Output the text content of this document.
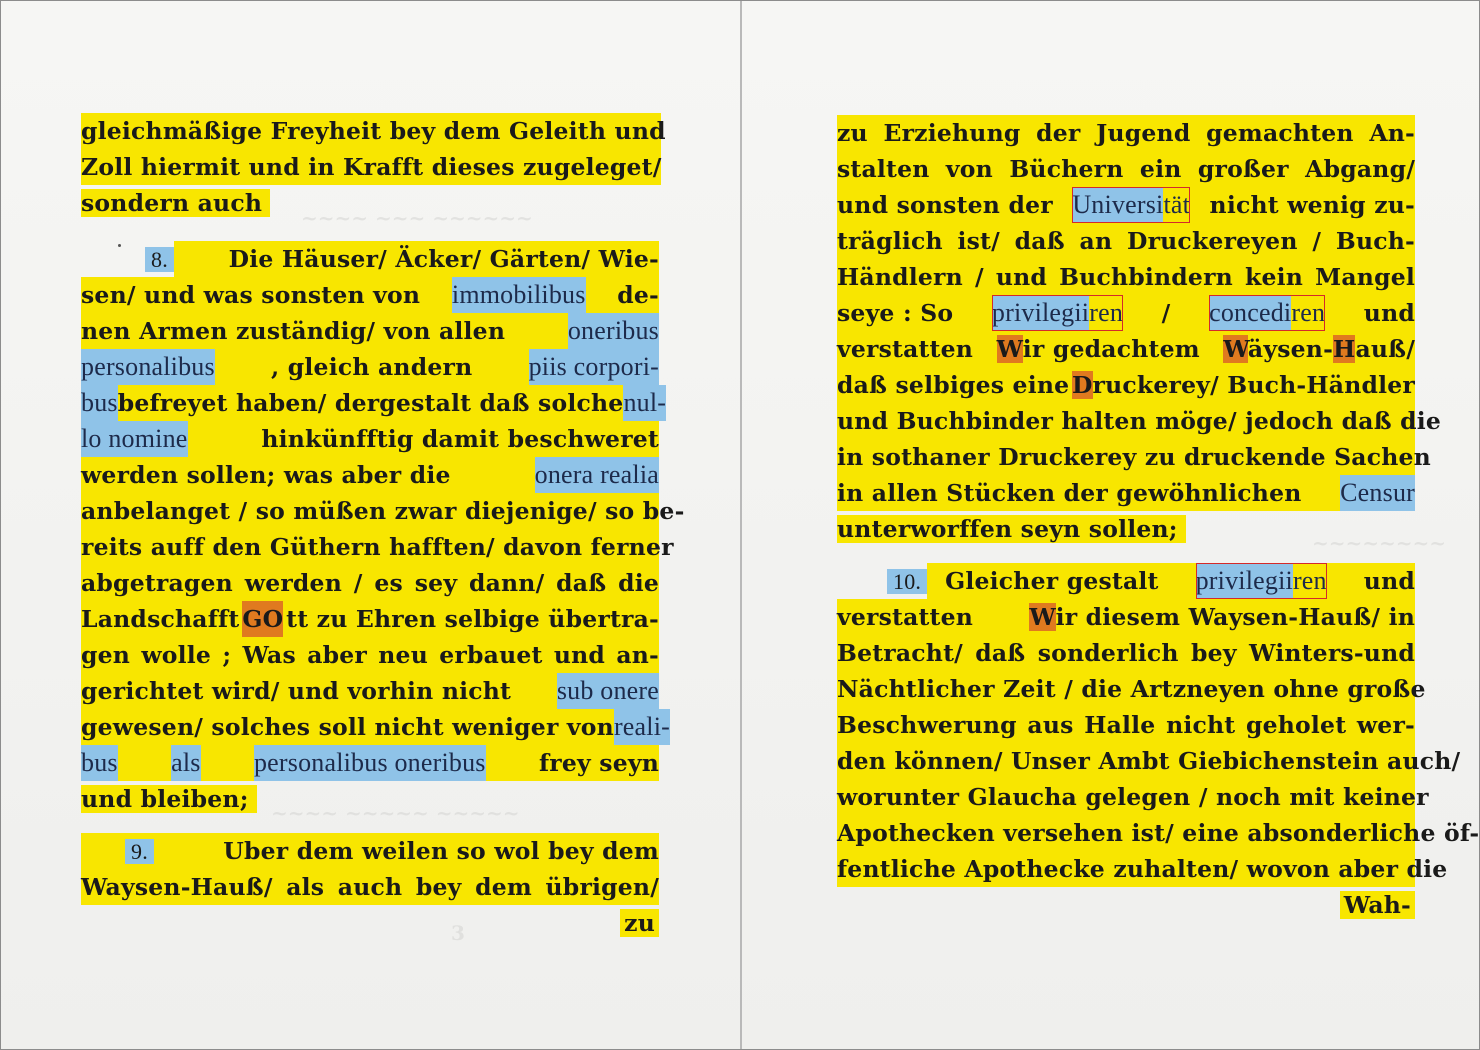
~~~~ ~~~ ~~~~~~
~~~~ ~~~~~ ~~~~~
3
gleichmäßige Freyheit bey dem Geleith und
Zoll hiermit und in Krafft dieses zugeleget/
sondern auch
8.	Die Häuser/ Äcker/ Gärten/ Wie-
sen/ und was sonsten von immobilibus de-
nen Armen zuständig/ von allen oneribus
personalibus , gleich andern piis corpori-
bus befreyet haben/ dergestalt daß solche nul-
lo nomine	hinkünfftig damit beschweret
werden sollen; was aber die	onera realia
anbelanget / so müßen zwar diejenige/ so be-
reits auff den Güthern hafften/ davon ferner
abgetragen werden / es sey dann/ daß die
Landschafft GO tt zu Ehren selbige übertra-
gen wolle ; Was aber neu erbauet und an-
gerichtet wird/ und vorhin nicht sub onere
gewesen/ solches soll nicht weniger von reali-
bus als personalibus oneribus frey seyn
und bleiben;
9.	Uber dem weilen so wol bey dem
Waysen-Hauß/ als auch bey dem übrigen/
zu
~~~~~~~~
zu Erziehung der Jugend gemachten An-
stalten von Büchern ein großer Abgang/
und sonsten der Universi tät nicht wenig zu-
träglich ist/ daß an Druckereyen / Buch-
Händlern / und Buchbindern kein Mangel
seye : So privilegii ren / concedi ren und
verstatten Wir gedachtem Wäysen-Hauß/
daß selbiges eine Druckerey/ Buch-Händler
und Buchbinder halten möge/ jedoch daß die
in sothaner Druckerey zu druckende Sachen
in allen Stücken der gewöhnlichen Censur
unterworffen seyn sollen;
10. Gleicher gestalt privilegii ren und
verstatten Wir diesem Waysen-Hauß/ in
Betracht/ daß sonderlich bey Winters-und
Nächtlicher Zeit / die Artzneyen ohne große
Beschwerung aus Halle nicht geholet wer-
den können/ Unser Ambt Giebichenstein auch/
worunter Glaucha gelegen / noch mit keiner
Apothecken versehen ist/ eine absonderliche öf-
fentliche Apothecke zuhalten/ wovon aber die
Wah-
